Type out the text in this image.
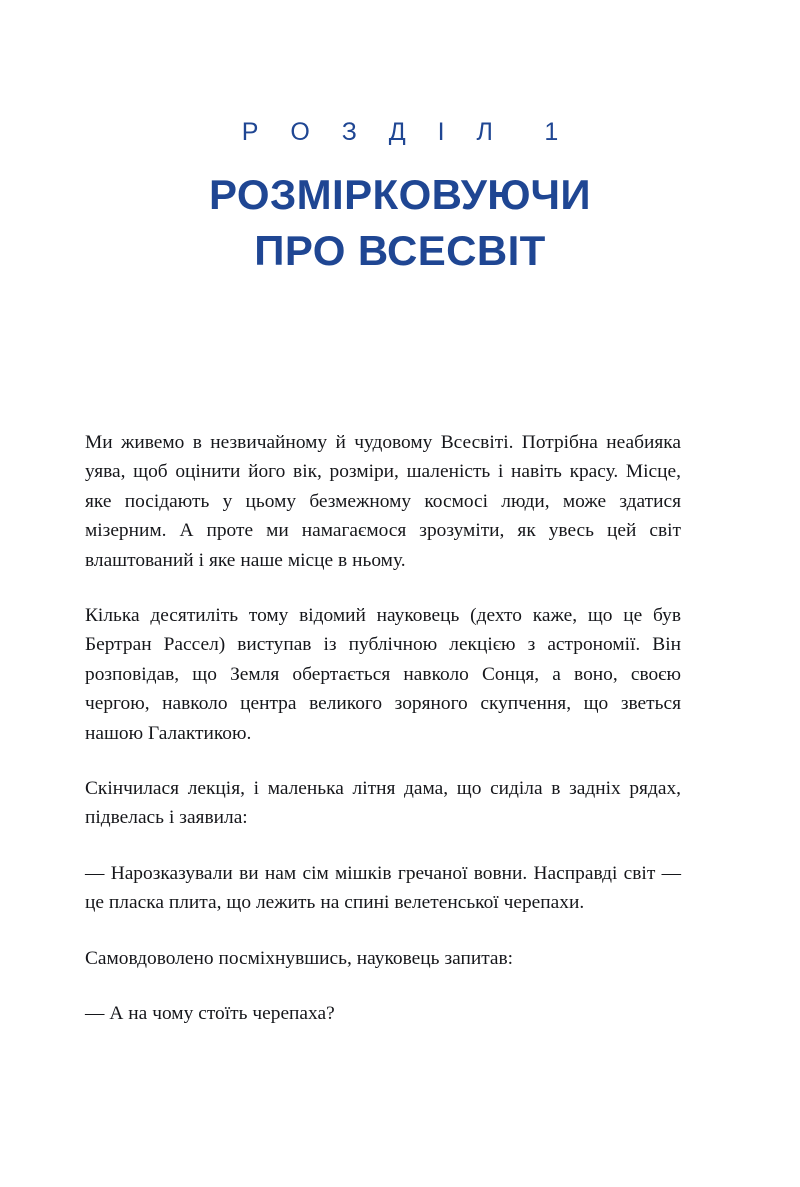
Р О З Д І Л  1
РОЗМІРКОВУЮЧИ
ПРО ВСЕСВІТ

Ми живемо в незвичайному й чудовому Всесвіті. Потрібна неабияка уява, щоб оцінити його вік, розміри, шаленість і навіть красу. Місце, яке посідають у цьому безмежному космосі люди, може здатися мізерним. А проте ми намагаємося зрозуміти, як увесь цей світ влаштований і яке наше місце в ньому.

Кілька десятиліть тому відомий науковець (дехто каже, що це був Бертран Рассел) виступав із публічною лекцією з астрономії. Він розповідав, що Земля обертається навколо Сонця, а воно, своєю чергою, навколо центра великого зоряного скупчення, що зветься нашою Галактикою.

Скінчилася лекція, і маленька літня дама, що сиділа в задніх рядах, підвелась і заявила:

— Нарозказували ви нам сім мішків гречаної вовни. Насправді світ — це пласка плита, що лежить на спині велетенської черепахи.

Самовдоволено посміхнувшись, науковець запитав:

— А на чому стоїть черепаха?
